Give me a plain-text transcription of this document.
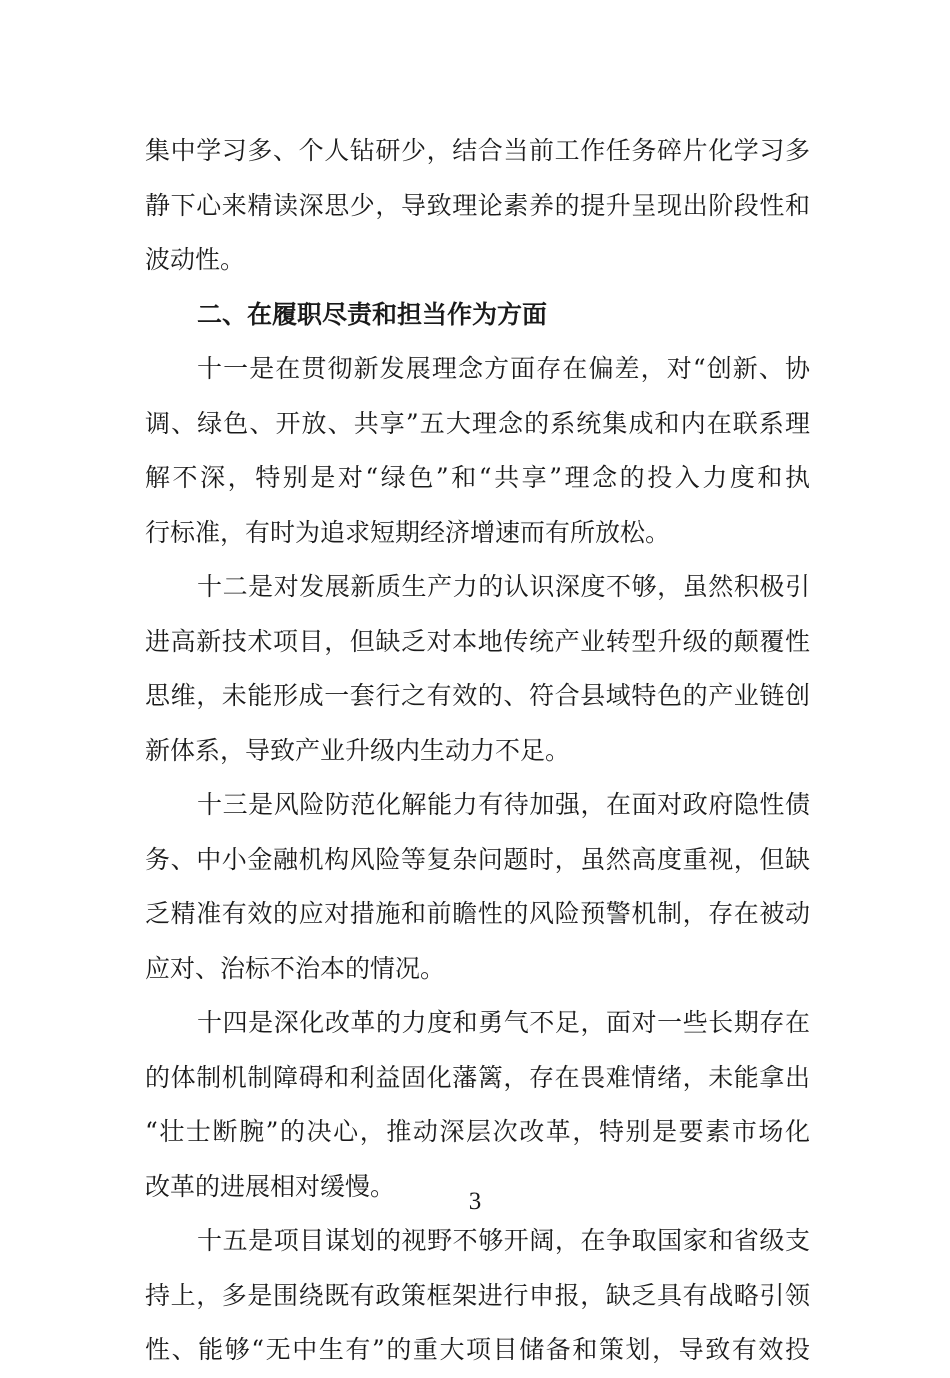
集中学习多、个人钻研少，结合当前工作任务碎片化学习多
静下心来精读深思少，导致理论素养的提升呈现出阶段性和
波动性。
二、在履职尽责和担当作为方面
十一是在贯彻新发展理念方面存在偏差，对“创新、协
调、绿色、开放、共享”五大理念的系统集成和内在联系理
解不深，特别是对“绿色”和“共享”理念的投入力度和执
行标准，有时为追求短期经济增速而有所放松。
十二是对发展新质生产力的认识深度不够，虽然积极引
进高新技术项目，但缺乏对本地传统产业转型升级的颠覆性
思维，未能形成一套行之有效的、符合县域特色的产业链创
新体系，导致产业升级内生动力不足。
十三是风险防范化解能力有待加强，在面对政府隐性债
务、中小金融机构风险等复杂问题时，虽然高度重视，但缺
乏精准有效的应对措施和前瞻性的风险预警机制，存在被动
应对、治标不治本的情况。
十四是深化改革的力度和勇气不足，面对一些长期存在
的体制机制障碍和利益固化藩篱，存在畏难情绪，未能拿出
“壮士断腕”的决心，推动深层次改革，特别是要素市场化
改革的进展相对缓慢。
十五是项目谋划的视野不够开阔，在争取国家和省级支
持上，多是围绕既有政策框架进行申报，缺乏具有战略引领
性、能够“无中生有”的重大项目储备和策划，导致有效投
3
